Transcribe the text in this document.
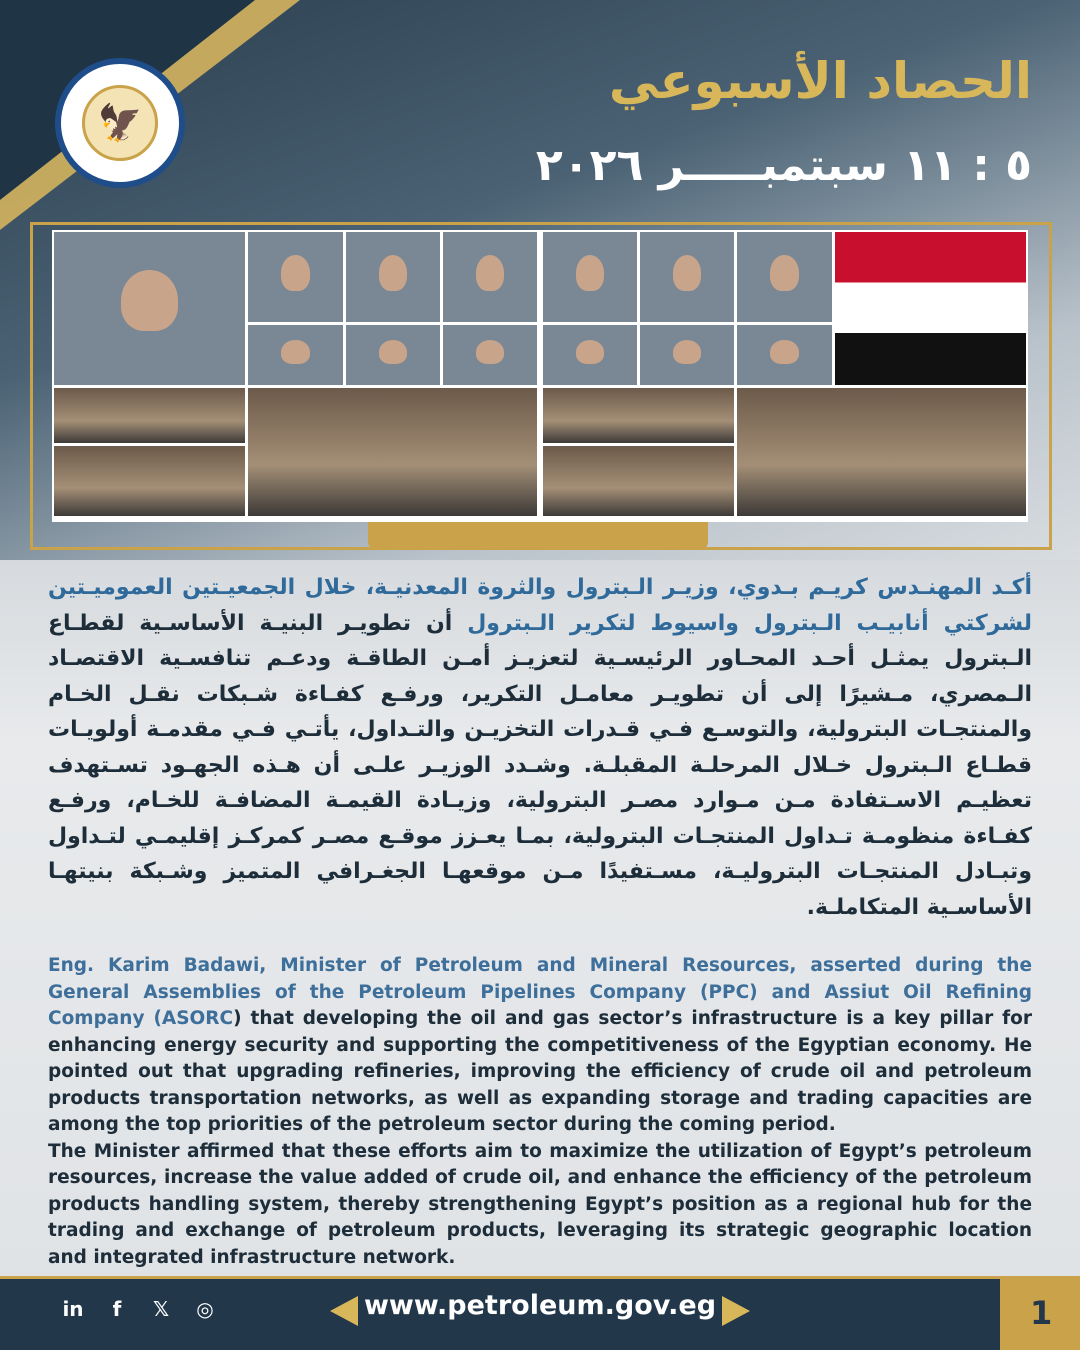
🦅
الحصاد الأسبوعي
٥ : ١١ سبتمبـــــر ٢٠٢٦
أكـد المهنـدس كريـم بـدوي، وزيـر الـبترول والثروة المعدنيـة، خلال الجمعيـتين العموميـتين لشركتي أنابيـب الـبترول واسيوط لتكرير الـبترول أن تطويـر البنيـة الأساسـية لقطـاع الـبترول يمثـل أحـد المحـاور الرئيسـية لتعزيـز أمـن الطاقـة ودعـم تنافسـية الاقتصـاد الـمصري، مـشيرًا إلى أن تطويـر معامـل التكرير، ورفـع كفـاءة شـبكات نقـل الخـام والمنتجـات البترولية، والتوسـع فـي قـدرات التخزيـن والتـداول، يأتـي فـي مقدمـة أولويـات قطـاع الـبترول خـلال المرحلـة المقبلـة. وشـدد الوزيـر علـى أن هـذه الجهـود تسـتهدف تعظيـم الاسـتفادة مـن مـوارد مصـر البترولية، وزيـادة القيمـة المضافـة للخـام، ورفـع كفـاءة منظومـة تـداول المنتجـات البترولية، بمـا يعـزز موقـع مصـر كمركـز إقليمـي لتـداول وتبـادل المنتجـات البتروليـة، مسـتفيدًا مـن موقعهـا الجغـرافي المتميز وشـبكة بنيتهـا الأساسـية المتكاملـة.

Eng. Karim Badawi, Minister of Petroleum and Mineral Resources, asserted during the General Assemblies of the Petroleum Pipelines Company (PPC) and Assiut Oil Refining Company (ASORC) that developing the oil and gas sector’s infrastructure is a key pillar for enhancing energy security and supporting the competitiveness of the Egyptian economy. He pointed out that upgrading refineries, improving the efficiency of crude oil and petroleum products transportation networks, as well as expanding storage and trading capacities are among the top priorities of the petroleum sector during the coming period.

The Minister affirmed that these efforts aim to maximize the utilization of Egypt’s petroleum resources, increase the value added of crude oil, and enhance the efficiency of the petroleum products handling system, thereby strengthening Egypt’s position as a regional hub for the trading and exchange of petroleum products, leveraging its strategic geographic location and integrated infrastructure network.

in	f	𝕏 ◎	www.petroleum.gov.eg	1
